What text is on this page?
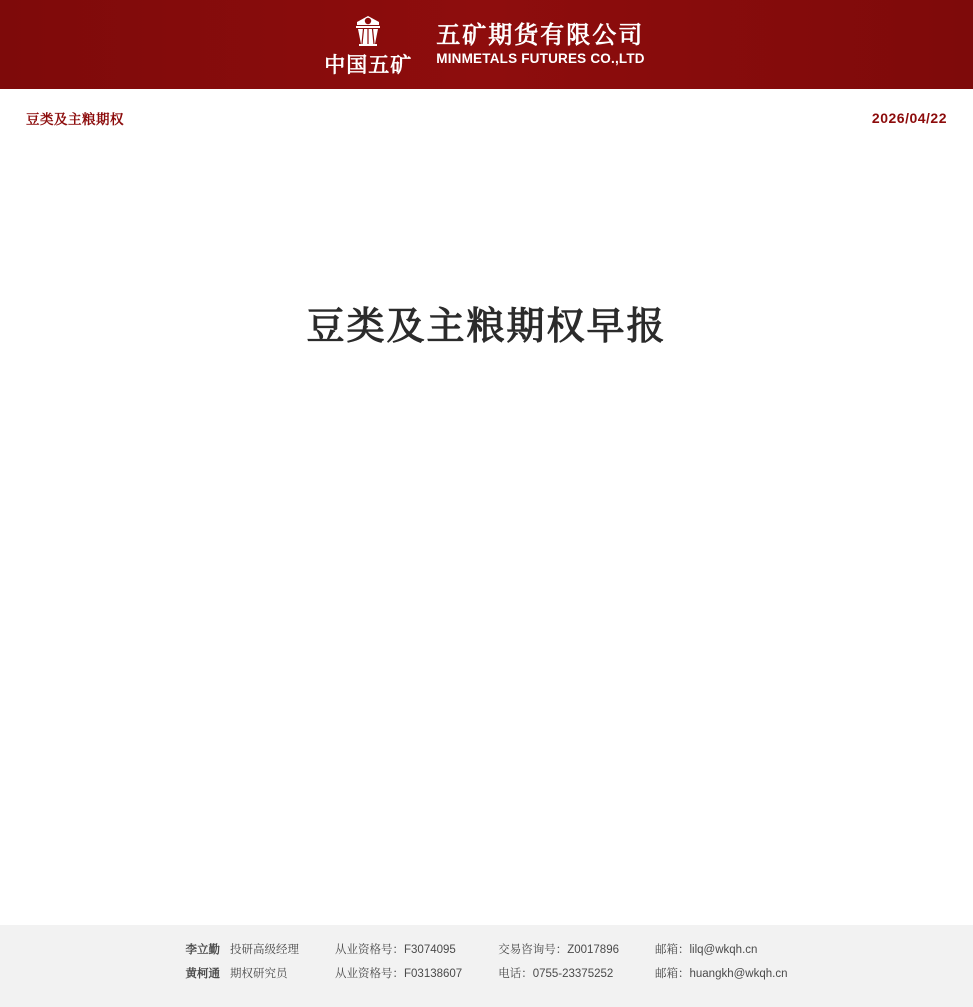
中国五矿
五矿期货有限公司
MINMETALS FUTURES CO.,LTD
豆类及主粮期权	2026/04/22
豆类及主粮期权早报
李立勤	投研高级经理	从业资格号：F3074095	交易咨询号：Z0017896	邮箱：lilq@wkqh.cn
黄柯通	期权研究员	从业资格号：F03138607	电话：0755-23375252	邮箱：huangkh@wkqh.cn
